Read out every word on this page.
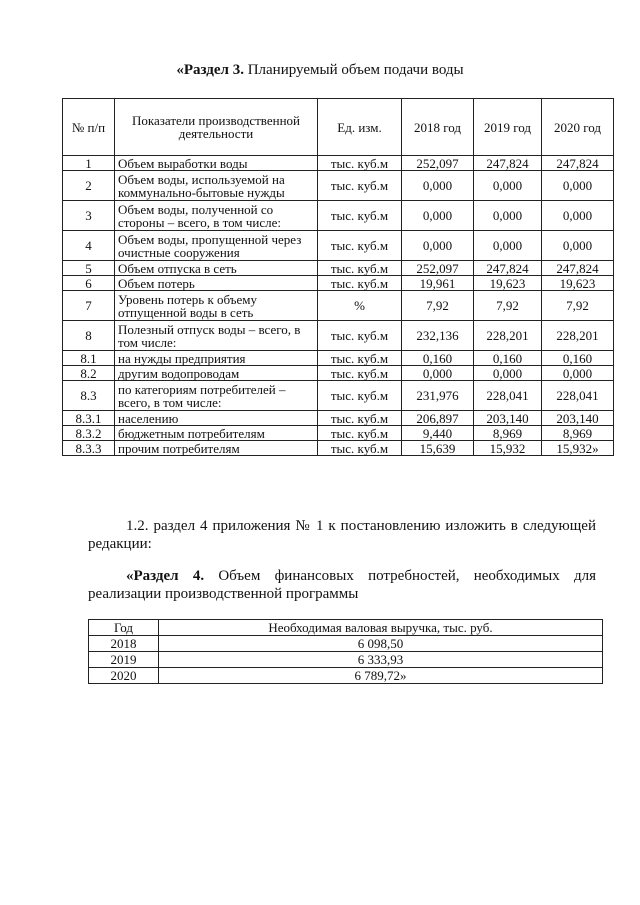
«Раздел 3. Планируемый объем подачи воды
№ п/п	Показатели производственной деятельности	Ед. изм.	2018 год	2019 год	2020 год
1	Объем выработки воды	тыс. куб.м	252,097	247,824	247,824
2	Объем воды, используемой на коммунально-бытовые нужды	тыс. куб.м	0,000	0,000	0,000
3	Объем воды, полученной со стороны – всего, в том числе:	тыс. куб.м	0,000	0,000	0,000
4	Объем воды, пропущенной через очистные сооружения	тыс. куб.м	0,000	0,000	0,000
5	Объем отпуска в сеть	тыс. куб.м	252,097	247,824	247,824
6	Объем потерь	тыс. куб.м	19,961	19,623	19,623
7	Уровень потерь к объему отпущенной воды в сеть	%	7,92	7,92	7,92
8	Полезный отпуск воды – всего, в том числе:	тыс. куб.м	232,136	228,201	228,201
8.1	на нужды предприятия	тыс. куб.м	0,160	0,160	0,160
8.2	другим водопроводам	тыс. куб.м	0,000	0,000	0,000
8.3	по категориям потребителей – всего, в том числе:	тыс. куб.м	231,976	228,041	228,041
8.3.1	населению	тыс. куб.м	206,897	203,140	203,140
8.3.2	бюджетным потребителям	тыс. куб.м	9,440	8,969	8,969
8.3.3	прочим потребителям	тыс. куб.м	15,639	15,932	15,932»
1.2. раздел 4 приложения № 1 к постановлению изложить в следующей редакции:
«Раздел 4. Объем финансовых потребностей, необходимых для реализации производственной программы
Год	Необходимая валовая выручка, тыс. руб.
2018	6 098,50
2019	6 333,93
2020	6 789,72»
